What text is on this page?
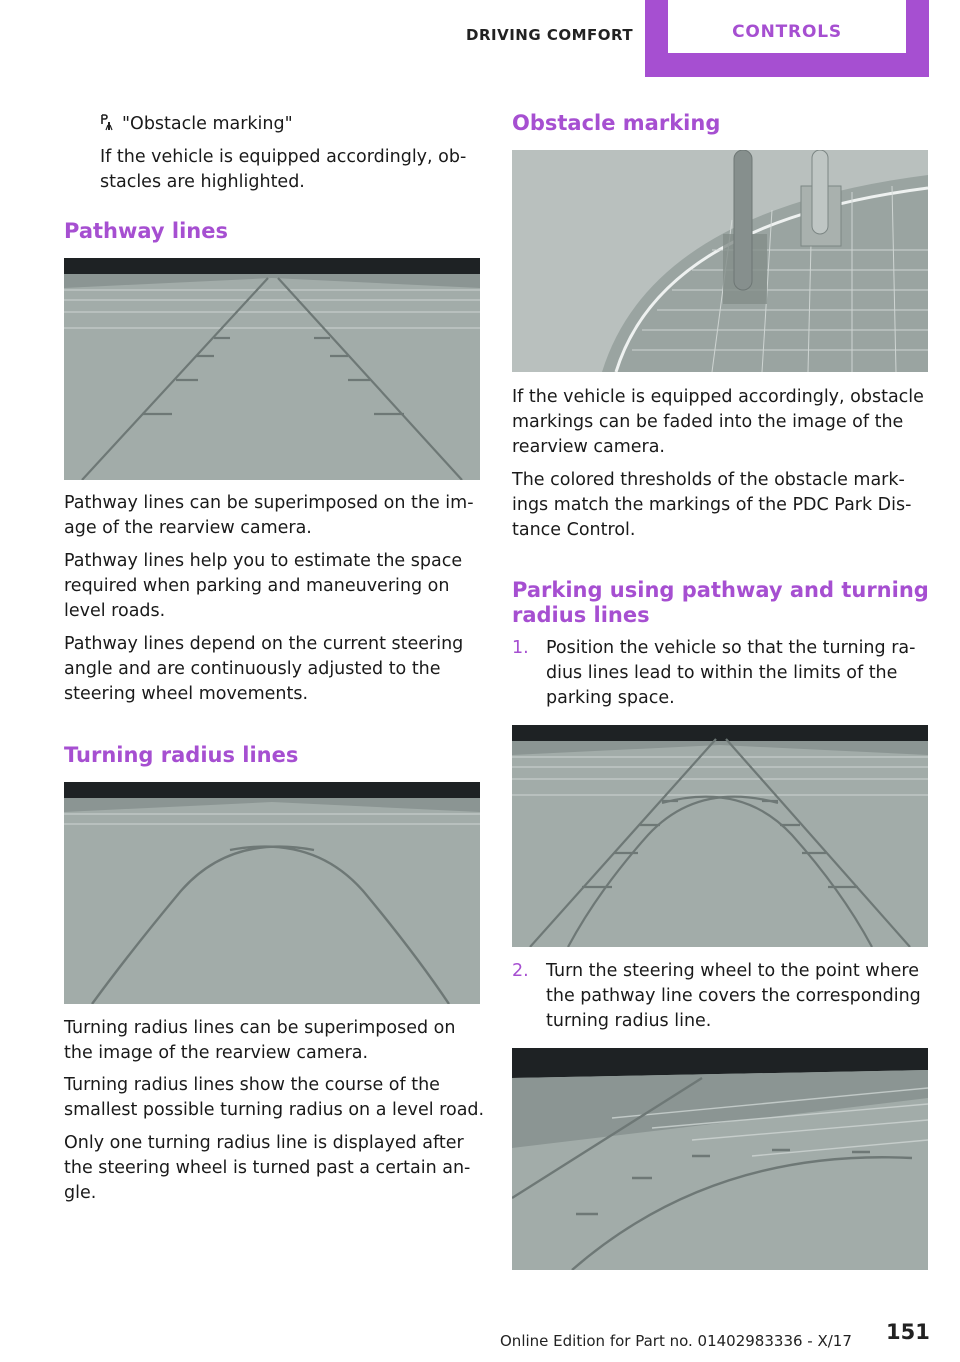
DRIVING COMFORT	CONTROLS

"Obstacle marking"

If the vehicle is equipped accordingly, ob‐

stacles are highlighted.

Pathway lines

Pathway lines can be superimposed on the im‐

age of the rearview camera.

Pathway lines help you to estimate the space

required when parking and maneuvering on

level roads.

Pathway lines depend on the current steering

angle and are continuously adjusted to the

steering wheel movements.

Turning radius lines

Turning radius lines can be superimposed on

the image of the rearview camera.

Turning radius lines show the course of the

smallest possible turning radius on a level road.

Only one turning radius line is displayed after

the steering wheel is turned past a certain an‐

gle.

Obstacle marking

If the vehicle is equipped accordingly, obstacle

markings can be faded into the image of the

rearview camera.

The colored thresholds of the obstacle mark‐

ings match the markings of the PDC Park Dis‐

tance Control.

Parking using pathway and turning
radius lines
1. Position the vehicle so that the turning ra‐

dius lines lead to within the limits of the

parking space.

2. Turn the steering wheel to the point where

the pathway line covers the corresponding

turning radius line.

151
Online Edition for Part no. 01402983336 - X/17
